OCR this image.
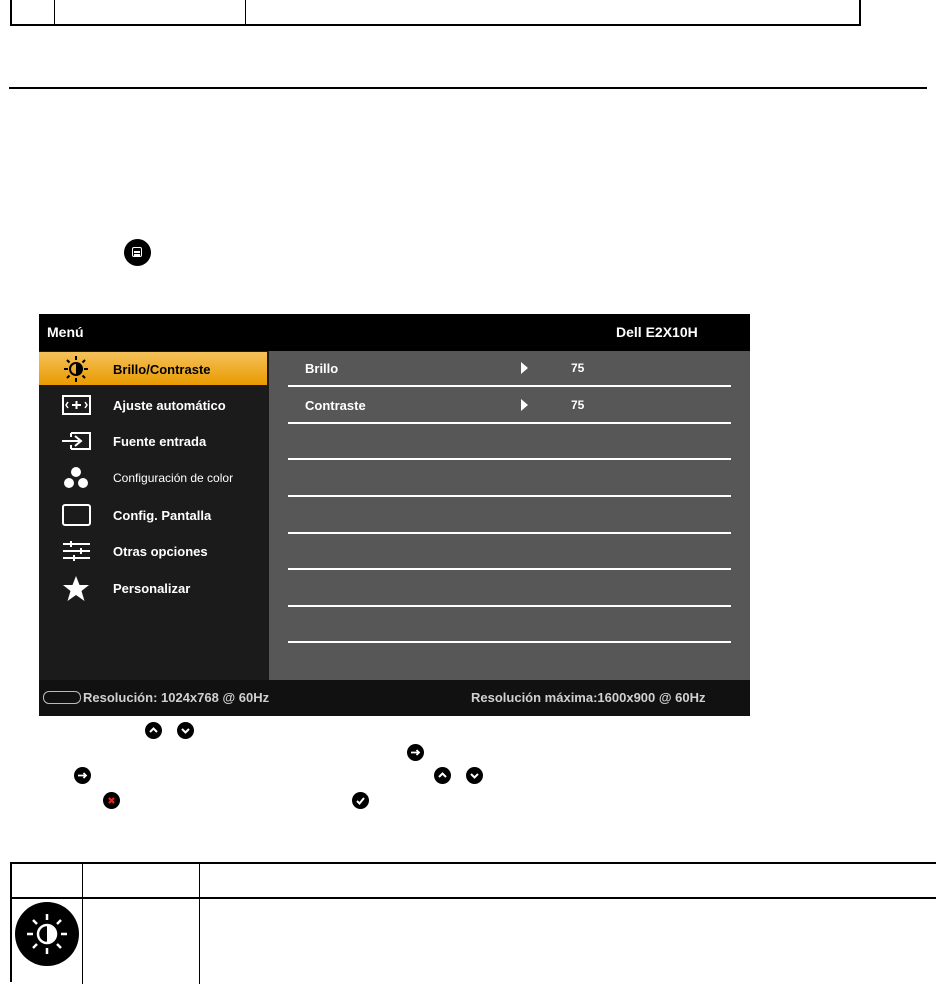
Menú	Dell E2X10H
Brillo/Contraste
Ajuste automático
Fuente entrada
Configuración de color
Config. Pantalla
Otras opciones
Personalizar
Brillo	75
Contraste	75
Resolución: 1024x768 @ 60Hz	Resolución máxima:1600x900 @ 60Hz
